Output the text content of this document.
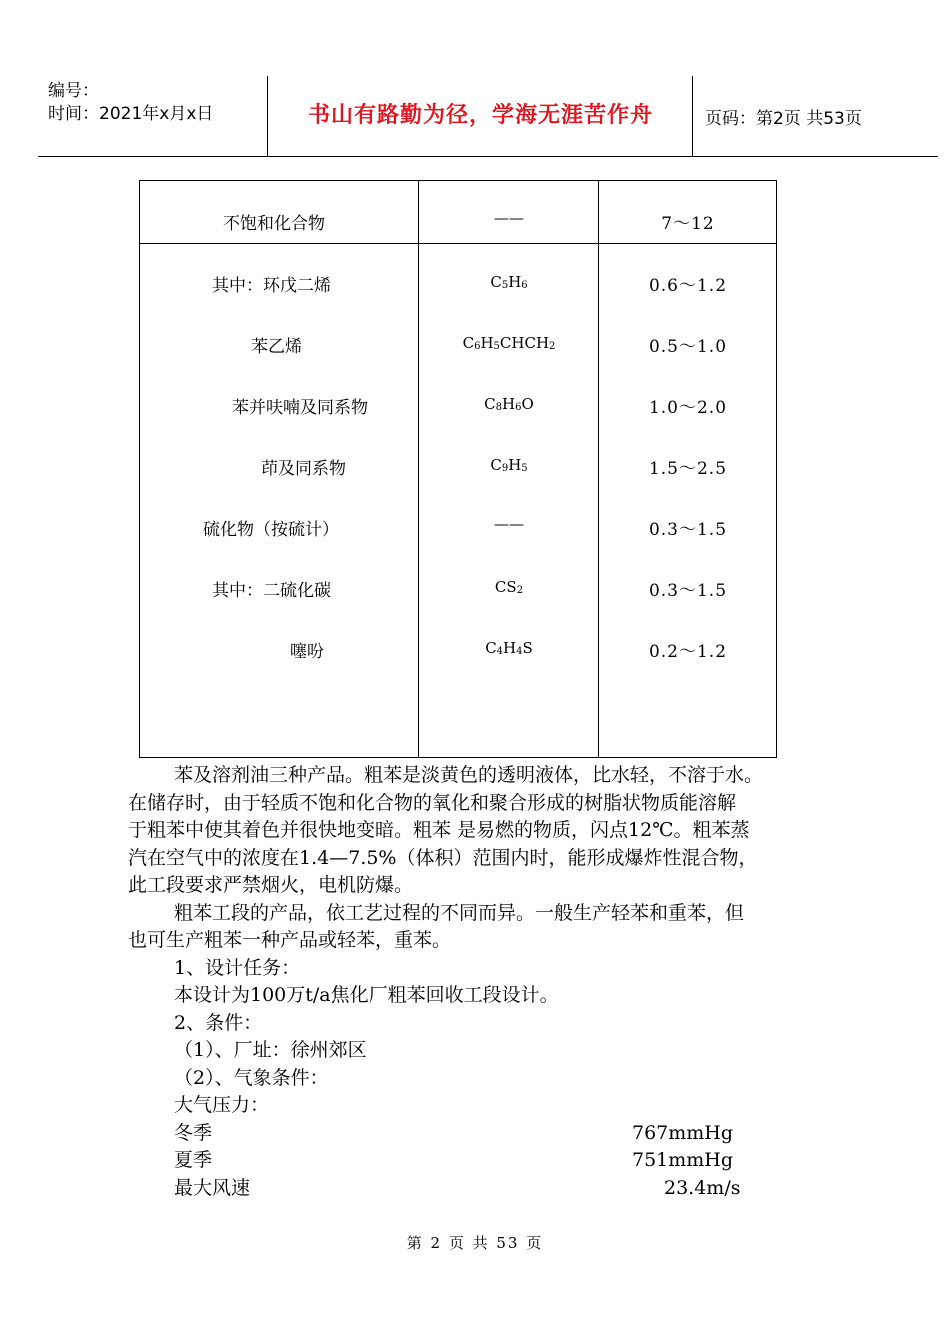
编号：
时间：2021年x月x日	书山有路勤为径，学海无涯苦作舟	页码：第2页 共53页
不饱和化合物	——	7～12
其中：环戊二烯	$C_5H_6$	0.6～1.2
苯乙烯	$C_6H_5CHCH_2$	0.5～1.0
苯并呋喃及同系物	$C_8H_6O$	1.0～2.0
茚及同系物	$C_9H_5$	1.5～2.5
硫化物（按硫计）	——	0.3～1.5
其中：二硫化碳	$CS_2$	0.3～1.5
噻吩	$C_4H_4S$	0.2～1.2

苯及溶剂油三种产品。粗苯是淡黄色的透明液体，比水轻，不溶于水。

在储存时，由于轻质不饱和化合物的氧化和聚合形成的树脂状物质能溶解

于粗苯中使其着色并很快地变暗。粗苯 是易燃的物质，闪点12℃。粗苯蒸

汽在空气中的浓度在1.4—7.5%（体积）范围内时，能形成爆炸性混合物，

此工段要求严禁烟火，电机防爆。

粗苯工段的产品，依工艺过程的不同而异。一般生产轻苯和重苯，但

也可生产粗苯一种产品或轻苯，重苯。

1、设计任务：

本设计为100万t/a焦化厂粗苯回收工段设计。

2、条件：

（1）、厂址：徐州郊区

（2）、气象条件：

大气压力：

冬季	767mmHg
夏季	751mmHg
最大风速	23.4m/s
第 2 页 共 53 页
